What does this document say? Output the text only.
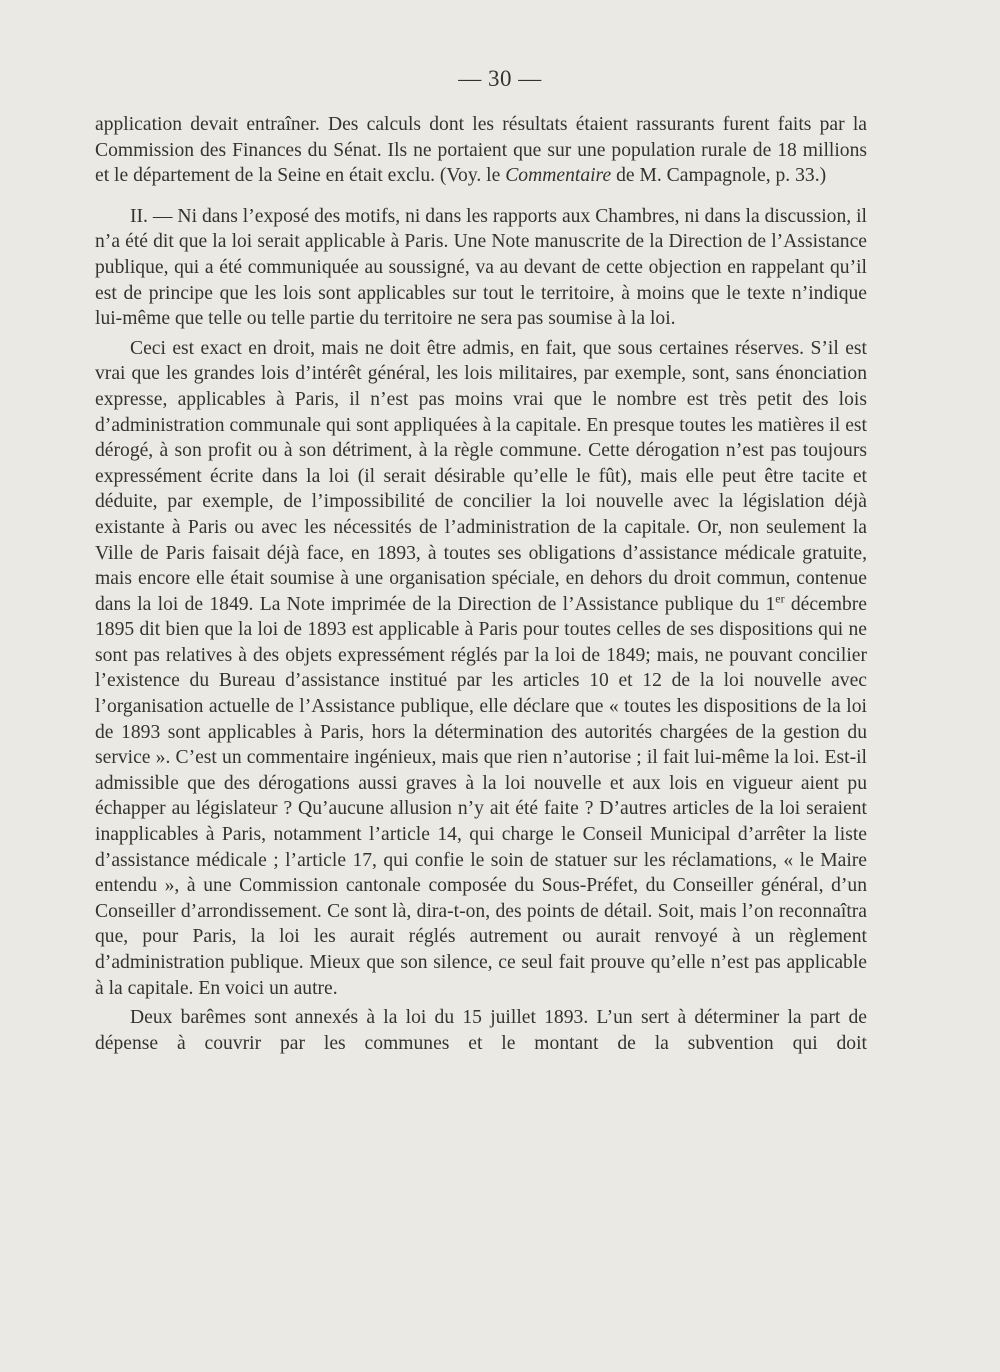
— 30 —

application devait entraîner. Des calculs dont les résultats étaient rassurants furent faits par la Commission des Finances du Sénat. Ils ne portaient que sur une population rurale de 18 millions et le département de la Seine en était exclu. (Voy. le Commentaire de M. Campagnole, p. 33.)

II. — Ni dans l’exposé des motifs, ni dans les rapports aux Chambres, ni dans la discussion, il n’a été dit que la loi serait applicable à Paris. Une Note manuscrite de la Direction de l’Assistance publique, qui a été communiquée au soussigné, va au devant de cette objection en rappelant qu’il est de principe que les lois sont applicables sur tout le territoire, à moins que le texte n’indique lui-même que telle ou telle partie du territoire ne sera pas soumise à la loi.

Ceci est exact en droit, mais ne doit être admis, en fait, que sous certaines réserves. S’il est vrai que les grandes lois d’intérêt général, les lois militaires, par exemple, sont, sans énonciation expresse, applicables à Paris, il n’est pas moins vrai que le nombre est très petit des lois d’administration communale qui sont appliquées à la capitale. En presque toutes les matières il est dérogé, à son profit ou à son détriment, à la règle commune. Cette dérogation n’est pas toujours expressément écrite dans la loi (il serait désirable qu’elle le fût), mais elle peut être tacite et déduite, par exemple, de l’impossibilité de concilier la loi nouvelle avec la législation déjà existante à Paris ou avec les nécessités de l’administration de la capitale. Or, non seulement la Ville de Paris faisait déjà face, en 1893, à toutes ses obligations d’assistance médicale gratuite, mais encore elle était soumise à une organisation spéciale, en dehors du droit commun, contenue dans la loi de 1849. La Note imprimée de la Direction de l’Assistance publique du 1er décembre 1895 dit bien que la loi de 1893 est applicable à Paris pour toutes celles de ses dispositions qui ne sont pas relatives à des objets expressément réglés par la loi de 1849; mais, ne pouvant concilier l’existence du Bureau d’assistance institué par les articles 10 et 12 de la loi nouvelle avec l’organisation actuelle de l’Assistance publique, elle déclare que « toutes les dispositions de la loi de 1893 sont applicables à Paris, hors la détermination des autorités chargées de la gestion du service ». C’est un commentaire ingénieux, mais que rien n’autorise ; il fait lui-même la loi. Est-il admissible que des dérogations aussi graves à la loi nouvelle et aux lois en vigueur aient pu échapper au législateur ? Qu’aucune allusion n’y ait été faite ? D’autres articles de la loi seraient inapplicables à Paris, notamment l’article 14, qui charge le Conseil Municipal d’arrêter la liste d’assistance médicale ; l’article 17, qui confie le soin de statuer sur les réclamations, « le Maire entendu », à une Commission cantonale composée du Sous-Préfet, du Conseiller général, d’un Conseiller d’arrondissement. Ce sont là, dira-t-on, des points de détail. Soit, mais l’on reconnaîtra que, pour Paris, la loi les aurait réglés autrement ou aurait renvoyé à un règlement d’administration publique. Mieux que son silence, ce seul fait prouve qu’elle n’est pas applicable à la capitale. En voici un autre.

Deux barêmes sont annexés à la loi du 15 juillet 1893. L’un sert à déterminer la part de dépense à couvrir par les communes et le montant de la subvention qui doit
